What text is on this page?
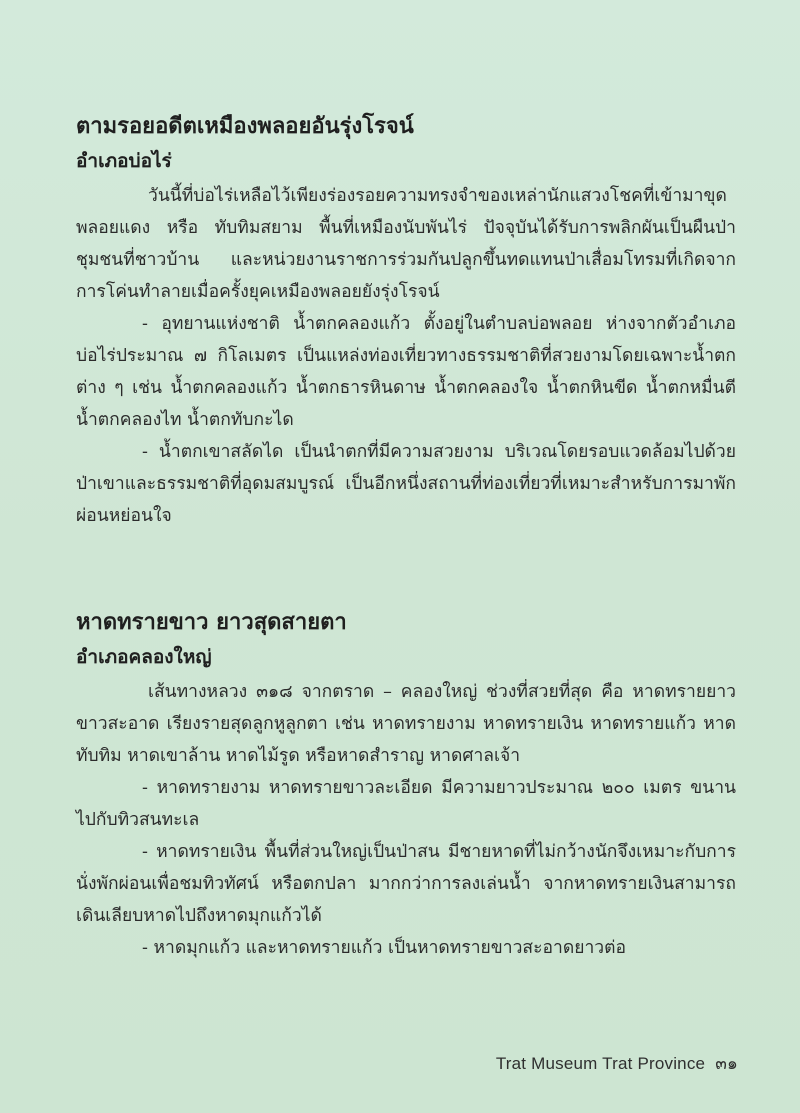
ตามรอยอดีตเหมืองพลอยอันรุ่งโรจน์
อำเภอบ่อไร่

วันนี้ที่บ่อไร่เหลือไว้เพียงร่องรอยความทรงจำของเหล่านักแสวงโชคที่เข้ามาขุดพลอยแดง หรือ ทับทิมสยาม พื้นที่เหมืองนับพันไร่ ปัจจุบันได้รับการพลิกผันเป็นผืนป่าชุมชนที่ชาวบ้าน และหน่วยงานราชการร่วมกันปลูกขึ้นทดแทนป่าเสื่อมโทรมที่เกิดจากการโค่นทำลายเมื่อครั้งยุคเหมืองพลอยยังรุ่งโรจน์

- อุทยานแห่งชาติ น้ำตกคลองแก้ว ตั้งอยู่ในตำบลบ่อพลอย ห่างจากตัวอำเภอบ่อไร่ประมาณ ๗ กิโลเมตร เป็นแหล่งท่องเที่ยวทางธรรมชาติที่สวยงามโดยเฉพาะน้ำตกต่าง ๆ เช่น น้ำตกคลองแก้ว น้ำตกธารหินดาษ น้ำตกคลองใจ น้ำตกหินขีด น้ำตกหมื่นตี น้ำตกคลองไท น้ำตกทับกะได

- น้ำตกเขาสลัดได เป็นนำตกที่มีความสวยงาม บริเวณโดยรอบแวดล้อมไปด้วยป่าเขาและธรรมชาติที่อุดมสมบูรณ์ เป็นอีกหนึ่งสถานที่ท่องเที่ยวที่เหมาะสำหรับการมาพักผ่อนหย่อนใจ

หาดทรายขาว ยาวสุดสายตา
อำเภอคลองใหญ่

เส้นทางหลวง ๓๑๘ จากตราด – คลองใหญ่ ช่วงที่สวยที่สุด คือ หาดทรายยาว ขาวสะอาด เรียงรายสุดลูกหูลูกตา เช่น หาดทรายงาม หาดทรายเงิน หาดทรายแก้ว หาดทับทิม หาดเขาล้าน หาดไม้รูด หรือหาดสำราญ หาดศาลเจ้า

- หาดทรายงาม หาดทรายขาวละเอียด มีความยาวประมาณ ๒๐๐ เมตร ขนานไปกับทิวสนทะเล

- หาดทรายเงิน พื้นที่ส่วนใหญ่เป็นป่าสน มีชายหาดที่ไม่กว้างนักจึงเหมาะกับการนั่งพักผ่อนเพื่อชมทิวทัศน์ หรือตกปลา มากกว่าการลงเล่นน้ำ จากหาดทรายเงินสามารถเดินเลียบหาดไปถึงหาดมุกแก้วได้

- หาดมุกแก้ว และหาดทรายแก้ว เป็นหาดทรายขาวสะอาดยาวต่อ

Trat Museum Trat Province ๓๑
